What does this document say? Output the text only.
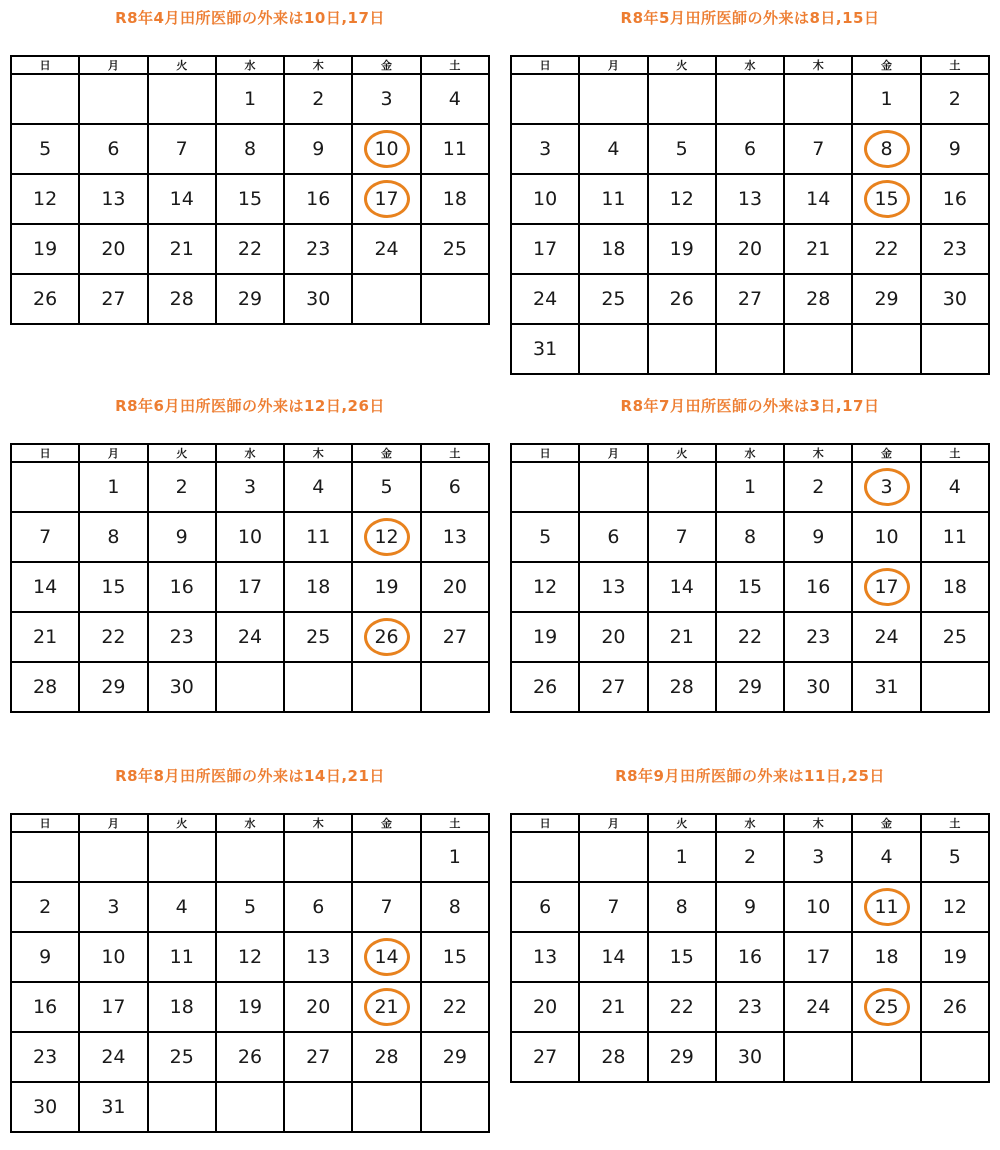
R8年4月田所医師の外来は10日,17日
日	月	火	水	木	金	土
			1	2	3	4
5	6	7	8	9	10	11
12	13	14	15	16	17	18
19	20	21	22	23	24	25
26	27	28	29	30		
R8年5月田所医師の外来は8日,15日
日	月	火	水	木	金	土
					1	2
3	4	5	6	7	8	9
10	11	12	13	14	15	16
17	18	19	20	21	22	23
24	25	26	27	28	29	30
31						
R8年6月田所医師の外来は12日,26日
日	月	火	水	木	金	土
	1	2	3	4	5	6
7	8	9	10	11	12	13
14	15	16	17	18	19	20
21	22	23	24	25	26	27
28	29	30				
R8年7月田所医師の外来は3日,17日
日	月	火	水	木	金	土
			1	2	3	4
5	6	7	8	9	10	11
12	13	14	15	16	17	18
19	20	21	22	23	24	25
26	27	28	29	30	31	
R8年8月田所医師の外来は14日,21日
日	月	火	水	木	金	土
						1
2	3	4	5	6	7	8
9	10	11	12	13	14	15
16	17	18	19	20	21	22
23	24	25	26	27	28	29
30	31					
R8年9月田所医師の外来は11日,25日
日	月	火	水	木	金	土
		1	2	3	4	5
6	7	8	9	10	11	12
13	14	15	16	17	18	19
20	21	22	23	24	25	26
27	28	29	30			
